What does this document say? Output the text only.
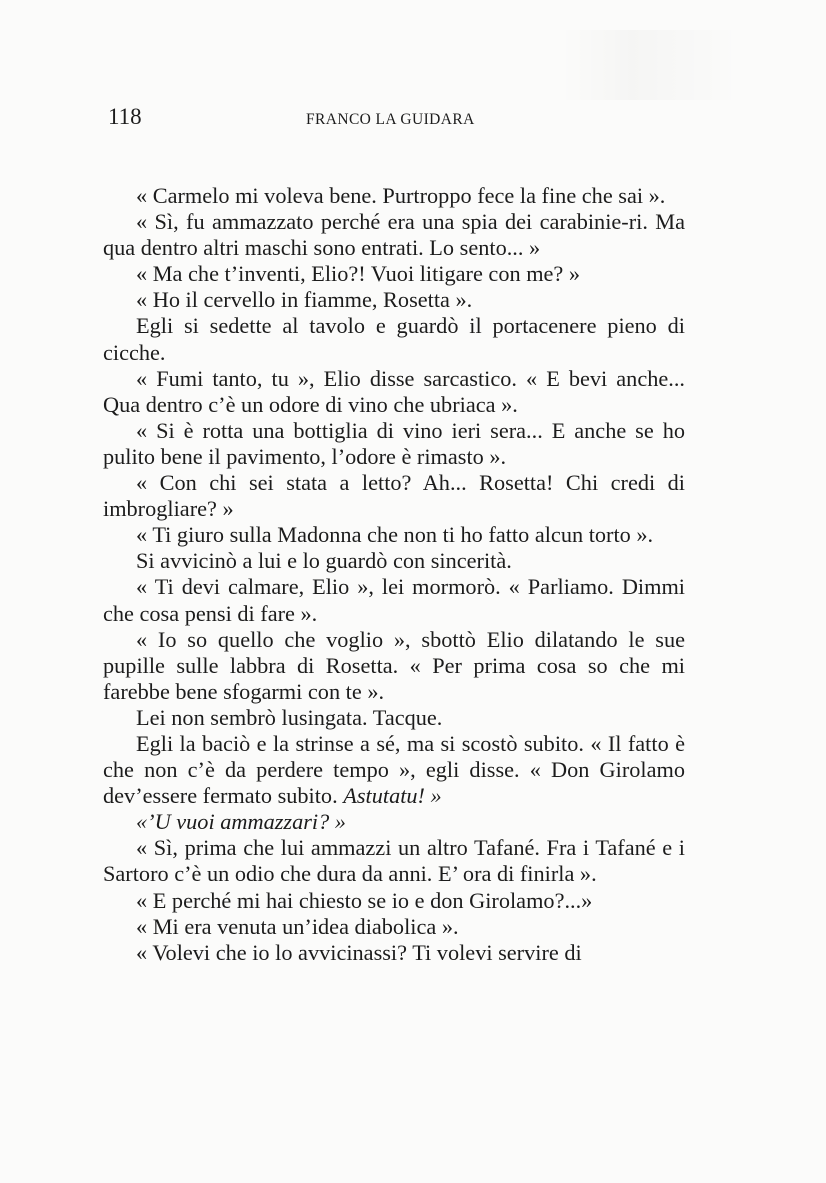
118	FRANCO LA GUIDARA

« Carmelo mi voleva bene. Purtroppo fece la fine che sai ».

« Sì, fu ammazzato perché era una spia dei carabinie-ri. Ma qua dentro altri maschi sono entrati. Lo sento... »

« Ma che t’inventi, Elio?! Vuoi litigare con me? »

« Ho il cervello in fiamme, Rosetta ».

Egli si sedette al tavolo e guardò il portacenere pieno di cicche.

« Fumi tanto, tu », Elio disse sarcastico. « E bevi anche... Qua dentro c’è un odore di vino che ubriaca ».

« Si è rotta una bottiglia di vino ieri sera... E anche se ho pulito bene il pavimento, l’odore è rimasto ».

« Con chi sei stata a letto? Ah... Rosetta! Chi credi di imbrogliare? »

« Ti giuro sulla Madonna che non ti ho fatto alcun torto ».

Si avvicinò a lui e lo guardò con sincerità.

« Ti devi calmare, Elio », lei mormorò. « Parliamo. Dimmi che cosa pensi di fare ».

« Io so quello che voglio », sbottò Elio dilatando le sue pupille sulle labbra di Rosetta. « Per prima cosa so che mi farebbe bene sfogarmi con te ».

Lei non sembrò lusingata. Tacque.

Egli la baciò e la strinse a sé, ma si scostò subito. « Il fatto è che non c’è da perdere tempo », egli disse. « Don Girolamo dev’essere fermato subito. Astutatu! »

«’U vuoi ammazzari? »

« Sì, prima che lui ammazzi un altro Tafané. Fra i Tafané e i Sartoro c’è un odio che dura da anni. E’ ora di finirla ».

« E perché mi hai chiesto se io e don Girolamo?...»

« Mi era venuta un’idea diabolica ».

« Volevi che io lo avvicinassi? Ti volevi servire di
